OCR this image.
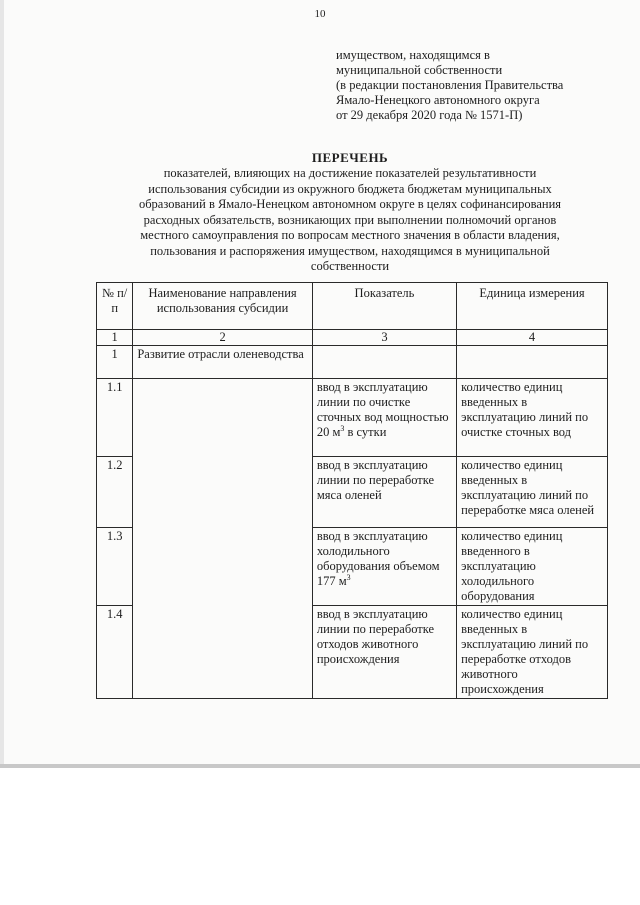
10
имуществом, находящимся в
муниципальной собственности
(в редакции постановления Правительства
Ямало-Ненецкого автономного округа
от 29 декабря 2020 года № 1571-П)
ПЕРЕЧЕНЬ
показателей, влияющих на достижение показателей результативности
использования субсидии из окружного бюджета бюджетам муниципальных
образований в Ямало-Ненецком автономном округе в целях софинансирования
расходных обязательств, возникающих при выполнении полномочий органов
местного самоуправления по вопросам местного значения в области владения,
пользования и распоряжения имуществом, находящимся в муниципальной
собственности
№ п/п	Наименование направления использования субсидии	Показатель	Единица измерения
1	2	3	4
1	Развитие отрасли оленеводства		
1.1		ввод в эксплуатацию линии по очистке сточных вод мощностью 20 $м^3$ в сутки	количество единиц введенных в эксплуатацию линий по очистке сточных вод
1.2		ввод в эксплуатацию линии по переработке мяса оленей	количество единиц введенных в эксплуатацию линий по переработке мяса оленей
1.3		ввод в эксплуатацию холодильного оборудования объемом 177 $м^3$	количество единиц введенного в эксплуатацию холодильного оборудования
1.4		ввод в эксплуатацию линии по переработке отходов животного происхождения	количество единиц введенных в эксплуатацию линий по переработке отходов животного происхождения
